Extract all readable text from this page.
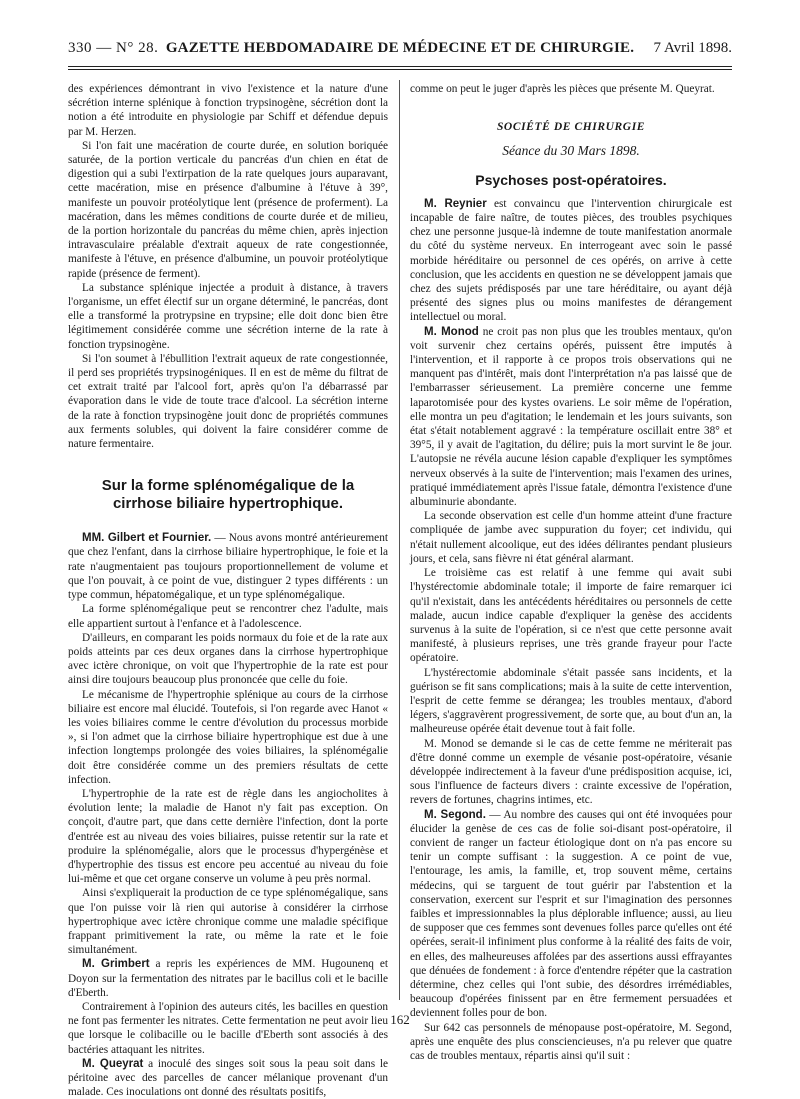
330 — N° 28. GAZETTE HEBDOMADAIRE DE MÉDECINE ET DE CHIRURGIE.	7 Avril 1898.

des expériences démontrant in vivo l'existence et la nature d'une sécrétion interne splénique à fonction trypsinogène, sécrétion dont la notion a été introduite en physiologie par Schiff et défendue depuis par M. Herzen.

Si l'on fait une macération de courte durée, en solution boriquée saturée, de la portion verticale du pancréas d'un chien en état de digestion qui a subi l'extirpation de la rate quelques jours auparavant, cette macération, mise en présence d'albumine à l'étuve à 39°, manifeste un pouvoir protéolytique lent (présence de proferment). La macération, dans les mêmes conditions de courte durée et de milieu, de la portion horizontale du pancréas du même chien, après injection intravasculaire préalable d'extrait aqueux de rate congestionnée, manifeste à l'étuve, en présence d'albumine, un pouvoir protéolytique rapide (présence de ferment).

La substance splénique injectée a produit à distance, à travers l'organisme, un effet électif sur un organe déterminé, le pancréas, dont elle a transformé la protrypsine en trypsine; elle doit donc bien être légitimement considérée comme une sécrétion interne de la rate à fonction trypsinogène.

Si l'on soumet à l'ébullition l'extrait aqueux de rate congestionnée, il perd ses propriétés trypsinogéniques. Il en est de même du filtrat de cet extrait traité par l'alcool fort, après qu'on l'a débarrassé par évaporation dans le vide de toute trace d'alcool. La sécrétion interne de la rate à fonction trypsinogène jouit donc de propriétés communes aux ferments solubles, qui doivent la faire considérer comme de nature fermentaire.

Sur la forme splénomégalique de la cirrhose biliaire hypertrophique.

MM. Gilbert et Fournier. — Nous avons montré antérieurement que chez l'enfant, dans la cirrhose biliaire hypertrophique, le foie et la rate n'augmentaient pas toujours proportionnellement de volume et que l'on pouvait, à ce point de vue, distinguer 2 types différents : un type commun, hépatomégalique, et un type splénomégalique.

La forme splénomégalique peut se rencontrer chez l'adulte, mais elle appartient surtout à l'enfance et à l'adolescence.

D'ailleurs, en comparant les poids normaux du foie et de la rate aux poids atteints par ces deux organes dans la cirrhose hypertrophique avec ictère chronique, on voit que l'hypertrophie de la rate est pour ainsi dire toujours beaucoup plus prononcée que celle du foie.

Le mécanisme de l'hypertrophie splénique au cours de la cirrhose biliaire est encore mal élucidé. Toutefois, si l'on regarde avec Hanot « les voies biliaires comme le centre d'évolution du processus morbide », si l'on admet que la cirrhose biliaire hypertrophique est due à une infection longtemps prolongée des voies biliaires, la splénomégalie doit être considérée comme un des premiers résultats de cette infection.

L'hypertrophie de la rate est de règle dans les angiocholites à évolution lente; la maladie de Hanot n'y fait pas exception. On conçoit, d'autre part, que dans cette dernière l'infection, dont la porte d'entrée est au niveau des voies biliaires, puisse retentir sur la rate et produire la splénomégalie, alors que le processus d'hypergénèse et d'hypertrophie des tissus est encore peu accentué au niveau du foie lui-même et que cet organe conserve un volume à peu près normal.

Ainsi s'expliquerait la production de ce type splénomégalique, sans que l'on puisse voir là rien qui autorise à considérer la cirrhose hypertrophique avec ictère chronique comme une maladie spécifique frappant primitivement la rate, ou même la rate et le foie simultanément.

M. Grimbert a repris les expériences de MM. Hugounenq et Doyon sur la fermentation des nitrates par le bacillus coli et le bacille d'Eberth.

Contrairement à l'opinion des auteurs cités, les bacilles en question ne font pas fermenter les nitrates. Cette fermentation ne peut avoir lieu que lorsque le colibacille ou le bacille d'Eberth sont associés à des bactéries attaquant les nitrites.

M. Queyrat a inoculé des singes soit sous la peau soit dans le péritoine avec des parcelles de cancer mélanique provenant d'un malade. Ces inoculations ont donné des résultats positifs,

comme on peut le juger d'après les pièces que présente M. Queyrat.

SOCIÉTÉ DE CHIRURGIE
Séance du 30 Mars 1898.
Psychoses post-opératoires.

M. Reynier est convaincu que l'intervention chirurgicale est incapable de faire naître, de toutes pièces, des troubles psychiques chez une personne jusque-là indemne de toute manifestation anormale du côté du système nerveux. En interrogeant avec soin le passé morbide héréditaire ou personnel de ces opérés, on arrive à cette conclusion, que les accidents en question ne se développent jamais que chez des sujets prédisposés par une tare héréditaire, ou ayant déjà présenté des signes plus ou moins manifestes de dérangement intellectuel ou moral.

M. Monod ne croit pas non plus que les troubles mentaux, qu'on voit survenir chez certains opérés, puissent être imputés à l'intervention, et il rapporte à ce propos trois observations qui ne manquent pas d'intérêt, mais dont l'interprétation n'a pas laissé que de l'embarrasser sérieusement. La première concerne une femme laparotomisée pour des kystes ovariens. Le soir même de l'opération, elle montra un peu d'agitation; le lendemain et les jours suivants, son état s'était notablement aggravé : la température oscillait entre 38° et 39°5, il y avait de l'agitation, du délire; puis la mort survint le 8e jour. L'autopsie ne révéla aucune lésion capable d'expliquer les symptômes nerveux observés à la suite de l'intervention; mais l'examen des urines, pratiqué immédiatement après l'issue fatale, démontra l'existence d'une albuminurie abondante.

La seconde observation est celle d'un homme atteint d'une fracture compliquée de jambe avec suppuration du foyer; cet individu, qui n'était nullement alcoolique, eut des idées délirantes pendant plusieurs jours, et cela, sans fièvre ni état général alarmant.

Le troisième cas est relatif à une femme qui avait subi l'hystérectomie abdominale totale; il importe de faire remarquer ici qu'il n'existait, dans les antécédents héréditaires ou personnels de cette malade, aucun indice capable d'expliquer la genèse des accidents survenus à la suite de l'opération, si ce n'est que cette personne avait manifesté, à plusieurs reprises, une très grande frayeur pour l'acte opératoire.

L'hystérectomie abdominale s'était passée sans incidents, et la guérison se fit sans complications; mais à la suite de cette intervention, l'esprit de cette femme se dérangea; les troubles mentaux, d'abord légers, s'aggravèrent progressivement, de sorte que, au bout d'un an, la malheureuse opérée était devenue tout à fait folle.

M. Monod se demande si le cas de cette femme ne mériterait pas d'être donné comme un exemple de vésanie post-opératoire, vésanie développée indirectement à la faveur d'une prédisposition acquise, ici, sous l'influence de facteurs divers : crainte excessive de l'opération, revers de fortunes, chagrins intimes, etc.

M. Segond. — Au nombre des causes qui ont été invoquées pour élucider la genèse de ces cas de folie soi-disant post-opératoire, il convient de ranger un facteur étiologique dont on n'a pas encore su tenir un compte suffisant : la suggestion. A ce point de vue, l'entourage, les amis, la famille, et, trop souvent même, certains médecins, qui se targuent de tout guérir par l'abstention et la conservation, exercent sur l'esprit et sur l'imagination des personnes faibles et impressionnables la plus déplorable influence; aussi, au lieu de supposer que ces femmes sont devenues folles parce qu'elles ont été opérées, serait-il infiniment plus conforme à la réalité des faits de voir, en elles, des malheureuses affolées par des assertions aussi effrayantes que dénuées de fondement : à force d'entendre répéter que la castration détermine, chez celles qui l'ont subie, des désordres irrémédiables, beaucoup d'opérées finissent par en être fermement persuadées et deviennent folles pour de bon.

Sur 642 cas personnels de ménopause post-opératoire, M. Segond, après une enquête des plus consciencieuses, n'a pu relever que quatre cas de troubles mentaux, répartis ainsi qu'il suit :

162
